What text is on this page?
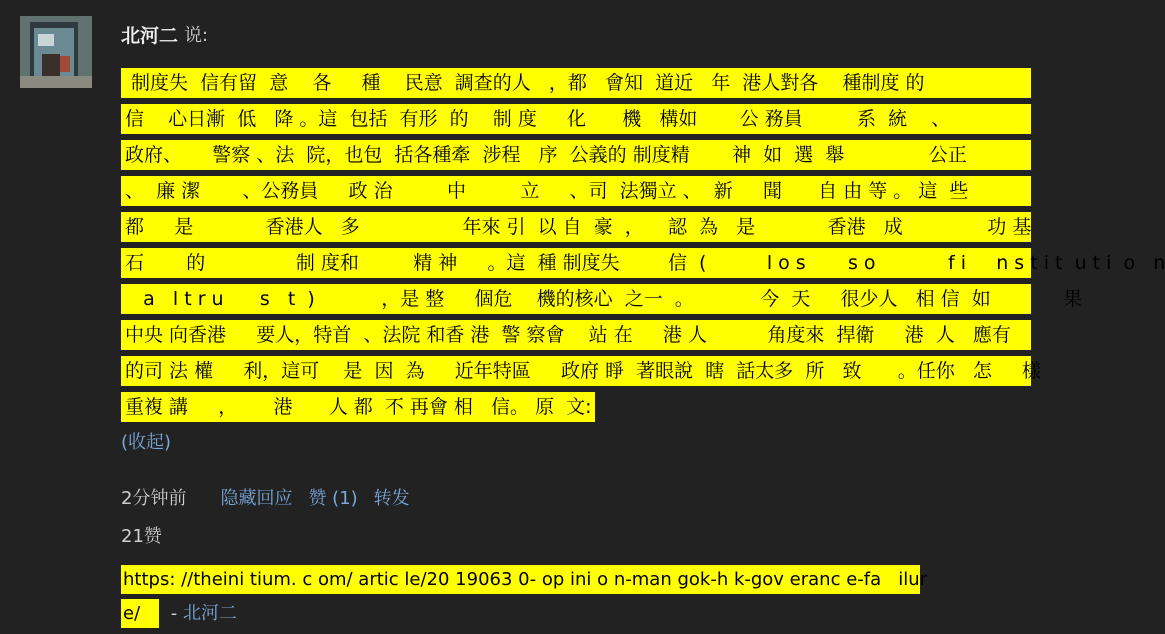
北河二 说:
制度失  信有留  意    各     種    民意  調查的人   ，都   會知  道近   年  港人對各    種制度 的
信    心日漸  低   降 。這  包括  有形  的    制 度     化      機   構如       公 務員         系  統    、
政府、     警察 、法  院，也包  括各種牽  涉程   序  公義的 制度精       神  如  選  舉              公正
、  廉 潔       、公務員     政 治         中         立     、司  法獨立 、  新     聞      自 由 等 。 這  些
都     是            香港人   多                 年來 引  以 自  豪  ，    認  為   是            香港   成              功 基
石       的               制 度和         精 神     。這  種 制度失        信  (          l o s       s o            f i     n s t i t  u t i  o   n
a   l t r u      s   t  )           ，是 整     個危    機的核心  之一  。           今  天     很少人   相 信  如            果
中央 向香港     要人，特首  、法院 和香 港  警 察會    站 在     港 人          角度來  捍衛     港  人   應有
的司 法 權     利，這可    是  因  為     近年特區     政府 睜  著眼說  瞎  話太多  所   致      。任你   怎     樣
重複 講     ，      港      人 都  不 再會 相   信。 原  文:
(收起)
2分钟前 隐藏回应 赞 (1) 转发
21赞
https: //theini tium. c om/ artic le/20 19063 0- op ini o n-man gok-h k-gov eranc e-fa   ilur
e/ - 北河二
